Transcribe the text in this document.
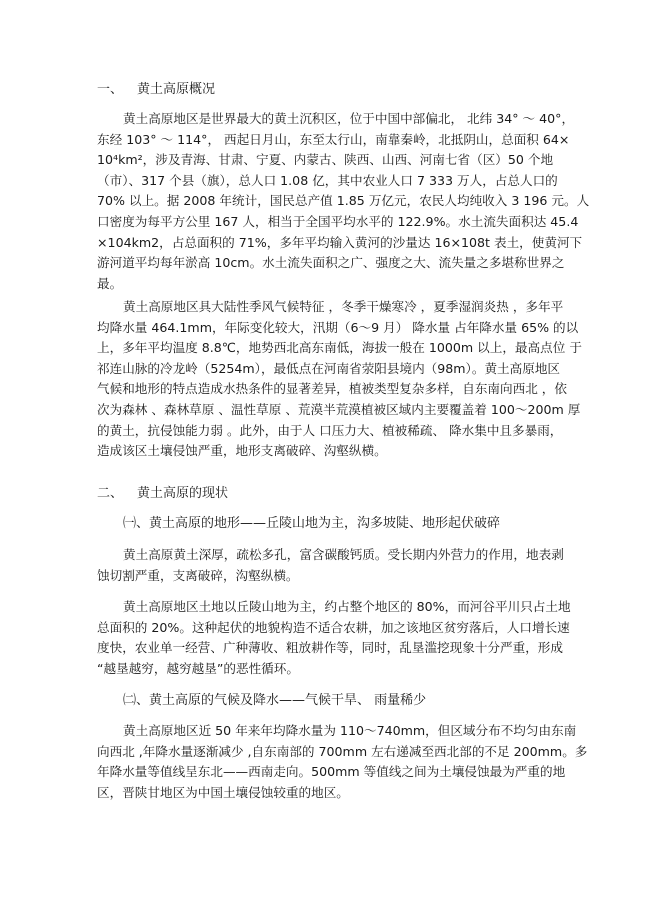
一、 黄土高原概况
黄土高原地区是世界最大的黄土沉积区，位于中国中部偏北， 北纬 34° ～ 40°，
东经 103° ～ 114°， 西起日月山，东至太行山，南靠秦岭，北抵阴山，总面积 64×
10⁴km²，涉及青海、甘肃、宁夏、内蒙古、陕西、山西、河南七省（区）50 个地
（市）、317 个县（旗），总人口 1.08 亿，其中农业人口 7 333 万人，占总人口的
70% 以上。据 2008 年统计，国民总产值 1.85 万亿元，农民人均纯收入 3 196 元。人
口密度为每平方公里 167 人，相当于全国平均水平的 122.9%。水土流失面积达 45.4
×104km2，占总面积的 71%，多年平均输入黄河的沙量达 16×108t 表土，使黄河下
游河道平均每年淤高 10cm。水土流失面积之广、强度之大、流失量之多堪称世界之
最。
黄土高原地区具大陆性季风气候特征 ，冬季干燥寒冷 ，夏季湿润炎热 ，多年平
均降水量 464.1mm，年际变化较大，汛期（6～9 月） 降水量 占年降水量 65% 的以
上，多年平均温度 8.8℃，地势西北高东南低，海拔一般在 1000m 以上，最高点位 于
祁连山脉的冷龙岭（5254m），最低点在河南省荥阳县境内（98m）。黄土高原地区
气候和地形的特点造成水热条件的显著差异，植被类型复杂多样，自东南向西北 ，依
次为森林 、森林草原 、温性草原 、荒漠半荒漠植被区域内主要覆盖着 100～200m 厚
的黄土，抗侵蚀能力弱 。此外，由于人 口压力大、植被稀疏、 降水集中且多暴雨，
造成该区土壤侵蚀严重，地形支离破碎、沟壑纵横。
二、 黄土高原的现状
㈠、黄土高原的地形——丘陵山地为主，沟多坡陡、地形起伏破碎
黄土高原黄土深厚，疏松多孔，富含碳酸钙质。受长期内外营力的作用，地表剥
蚀切割严重，支离破碎，沟壑纵横。
黄土高原地区土地以丘陵山地为主，约占整个地区的 80%，而河谷平川只占土地
总面积的 20%。这种起伏的地貌构造不适合农耕，加之该地区贫穷落后，人口增长速
度快，农业单一经营、广种薄收、粗放耕作等，同时，乱垦滥挖现象十分严重，形成
“越垦越穷，越穷越垦”的恶性循环。
㈡、黄土高原的气候及降水——气候干旱、 雨量稀少
黄土高原地区近 50 年来年均降水量为 110～740mm，但区域分布不均匀由东南
向西北 ,年降水量逐渐减少 ,自东南部的 700mm 左右递减至西北部的不足 200mm。多
年降水量等值线呈东北——西南走向。500mm 等值线之间为土壤侵蚀最为严重的地
区，晋陕甘地区为中国土壤侵蚀较重的地区。
